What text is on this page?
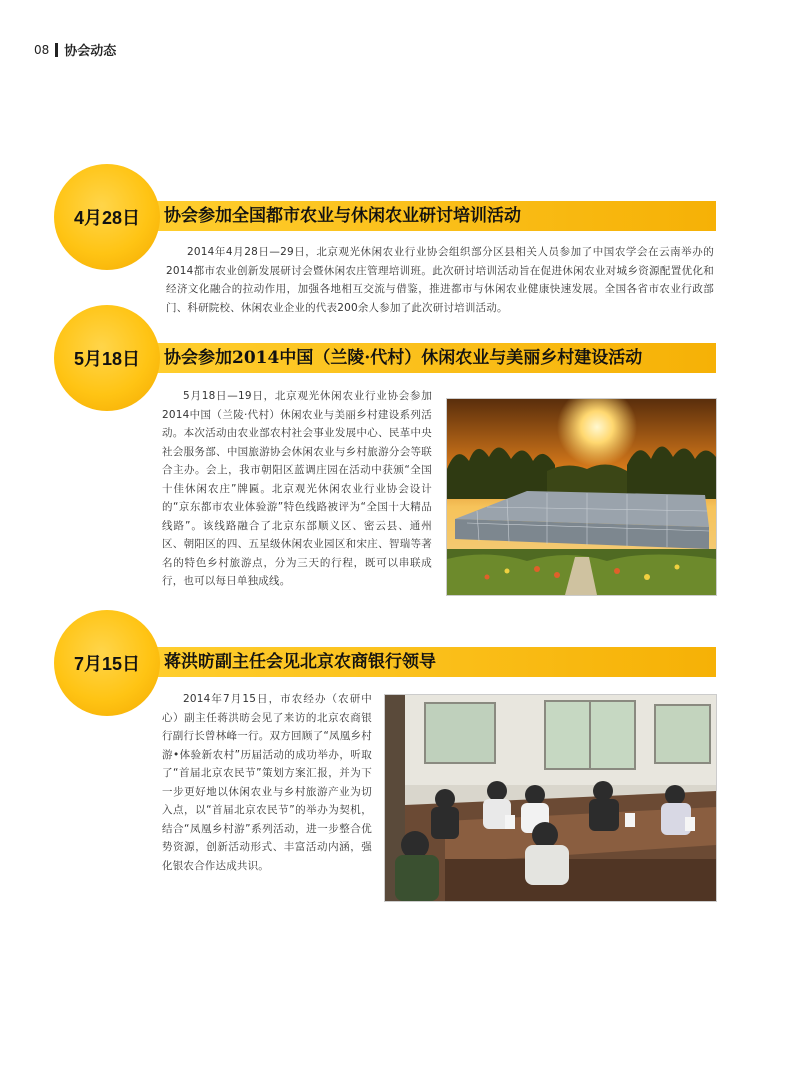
08 协会动态
4月28日	协会参加全国都市农业与休闲农业研讨培训活动
2014年4月28日—29日，北京观光休闲农业行业协会组织部分区县相关人员参加了中国农学会在云南举办的2014都市农业创新发展研讨会暨休闲农庄管理培训班。此次研讨培训活动旨在促进休闲农业对城乡资源配置优化和经济文化融合的拉动作用，加强各地相互交流与借鉴，推进都市与休闲农业健康快速发展。全国各省市农业行政部门、科研院校、休闲农业企业的代表200余人参加了此次研讨培训活动。
5月18日	协会参加2014中国（兰陵·代村）休闲农业与美丽乡村建设活动
5月18日—19日，北京观光休闲农业行业协会参加2014中国（兰陵·代村）休闲农业与美丽乡村建设系列活动。本次活动由农业部农村社会事业发展中心、民革中央社会服务部、中国旅游协会休闲农业与乡村旅游分会等联合主办。会上，我市朝阳区蓝调庄园在活动中获颁“全国十佳休闲农庄”牌匾。北京观光休闲农业行业协会设计的“京东都市农业体验游”特色线路被评为“全国十大精品线路”。该线路融合了北京东部顺义区、密云县、通州区、朝阳区的四、五星级休闲农业园区和宋庄、智瑞等著名的特色乡村旅游点，分为三天的行程，既可以串联成行，也可以每日单独成线。
7月15日	蒋洪昉副主任会见北京农商银行领导
2014年7月15日，市农经办（农研中心）副主任蒋洪昉会见了来访的北京农商银行副行长曾林峰一行。双方回顾了“凤凰乡村游•体验新农村”历届活动的成功举办，听取了“首届北京农民节”策划方案汇报，并为下一步更好地以休闲农业与乡村旅游产业为切入点，以“首届北京农民节”的举办为契机，结合“凤凰乡村游”系列活动，进一步整合优势资源，创新活动形式、丰富活动内涵，强化银农合作达成共识。
